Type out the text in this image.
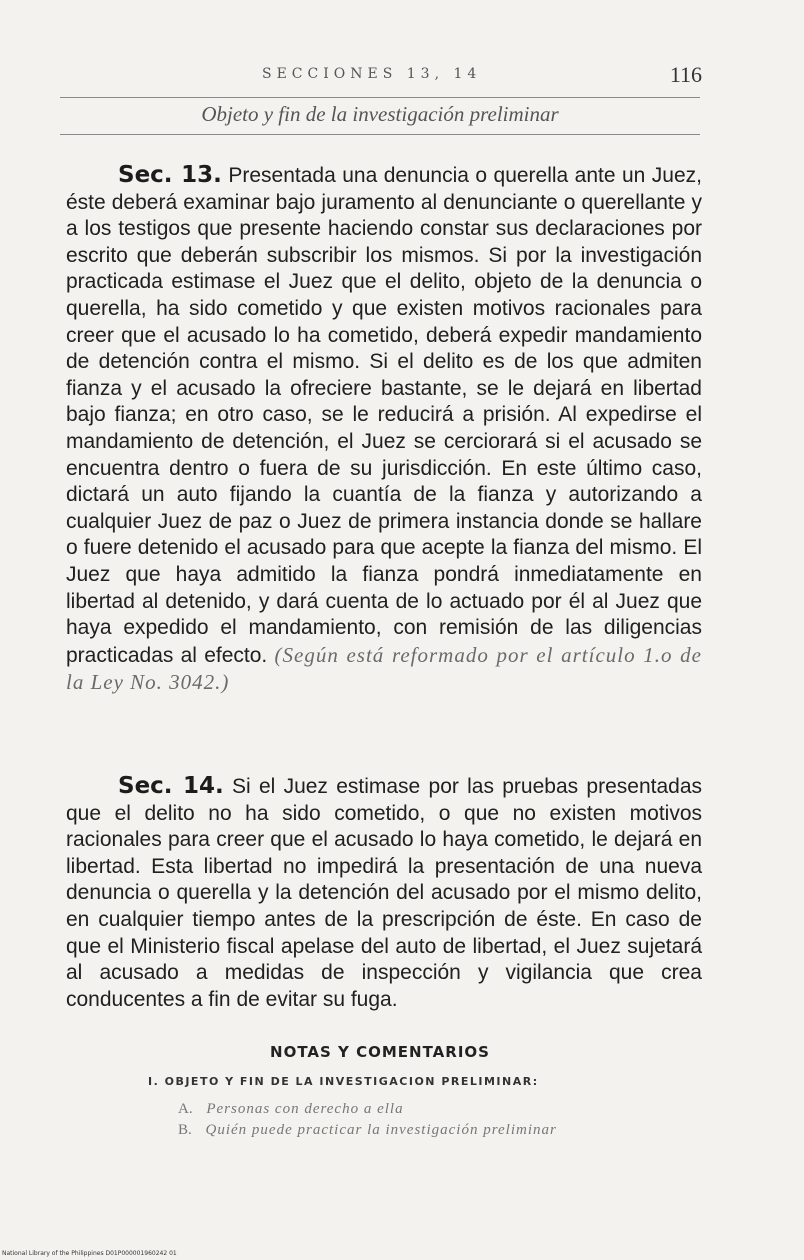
SECCIONES 13, 14	116
Objeto y fin de la investigación preliminar

Sec. 13. Presentada una denuncia o querella ante un Juez, éste deberá examinar bajo juramento al denunciante o querellante y a los testigos que presente haciendo constar sus declaraciones por escrito que deberán subscribir los mismos. Si por la investigación practicada estimase el Juez que el delito, objeto de la denuncia o querella, ha sido cometido y que existen motivos racionales para creer que el acusado lo ha cometido, deberá expedir mandamiento de detención contra el mismo. Si el delito es de los que admiten fianza y el acusado la ofreciere bastante, se le dejará en libertad bajo fianza; en otro caso, se le reducirá a prisión. Al expedirse el mandamiento de detención, el Juez se cerciorará si el acusado se encuentra dentro o fuera de su jurisdicción. En este último caso, dictará un auto fijando la cuantía de la fianza y autorizando a cualquier Juez de paz o Juez de primera instancia donde se hallare o fuere detenido el acusado para que acepte la fianza del mismo. El Juez que haya admitido la fianza pondrá inmediatamente en libertad al detenido, y dará cuenta de lo actuado por él al Juez que haya expedido el mandamiento, con remisión de las diligencias practicadas al efecto. (Según está reformado por el artículo 1.o de la Ley No. 3042.)

Sec. 14. Si el Juez estimase por las pruebas presentadas que el delito no ha sido cometido, o que no existen motivos racionales para creer que el acusado lo haya cometido, le dejará en libertad. Esta libertad no impedirá la presentación de una nueva denuncia o querella y la detención del acusado por el mismo delito, en cualquier tiempo antes de la prescripción de éste. En caso de que el Ministerio fiscal apelase del auto de libertad, el Juez sujetará al acusado a medidas de inspección y vigilancia que crea conducentes a fin de evitar su fuga.

NOTAS Y COMENTARIOS
I. OBJETO Y FIN DE LA INVESTIGACION PRELIMINAR:
A. Personas con derecho a ella
B. Quién puede practicar la investigación preliminar
National Library of the Philippines D01P000001960242 01
